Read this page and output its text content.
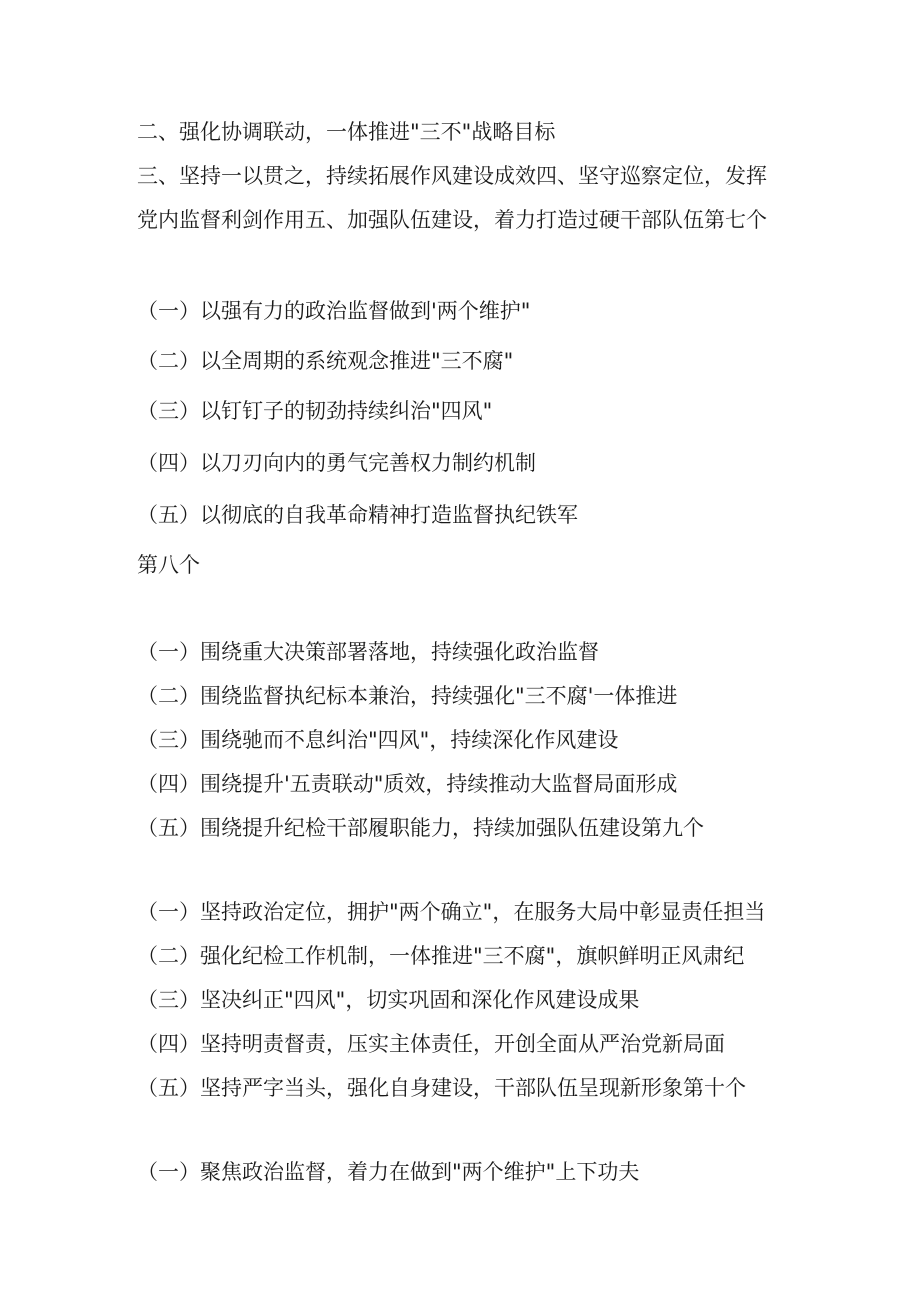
二、强化协调联动，一体推进"三不"战略目标
三、坚持一以贯之，持续拓展作风建设成效四、坚守巡察定位，发挥
党内监督利剑作用五、加强队伍建设，着力打造过硬干部队伍第七个
（一）以强有力的政治监督做到'两个维护"
（二）以全周期的系统观念推进"三不腐"
（三）以钉钉子的韧劲持续纠治"四风"
（四）以刀刃向内的勇气完善权力制约机制
（五）以彻底的自我革命精神打造监督执纪铁军
第八个
（一）围绕重大决策部署落地，持续强化政治监督
（二）围绕监督执纪标本兼治，持续强化"三不腐'一体推进
（三）围绕驰而不息纠治"四风"，持续深化作风建设
（四）围绕提升'五责联动"质效，持续推动大监督局面形成
（五）围绕提升纪检干部履职能力，持续加强队伍建设第九个
（一）坚持政治定位，拥护"两个确立"，在服务大局中彰显责任担当
（二）强化纪检工作机制，一体推进"三不腐"，旗帜鲜明正风肃纪
（三）坚决纠正"四风"，切实巩固和深化作风建设成果
（四）坚持明责督责，压实主体责任，开创全面从严治党新局面
（五）坚持严字当头，强化自身建设，干部队伍呈现新形象第十个
（一）聚焦政治监督，着力在做到"两个维护"上下功夫
